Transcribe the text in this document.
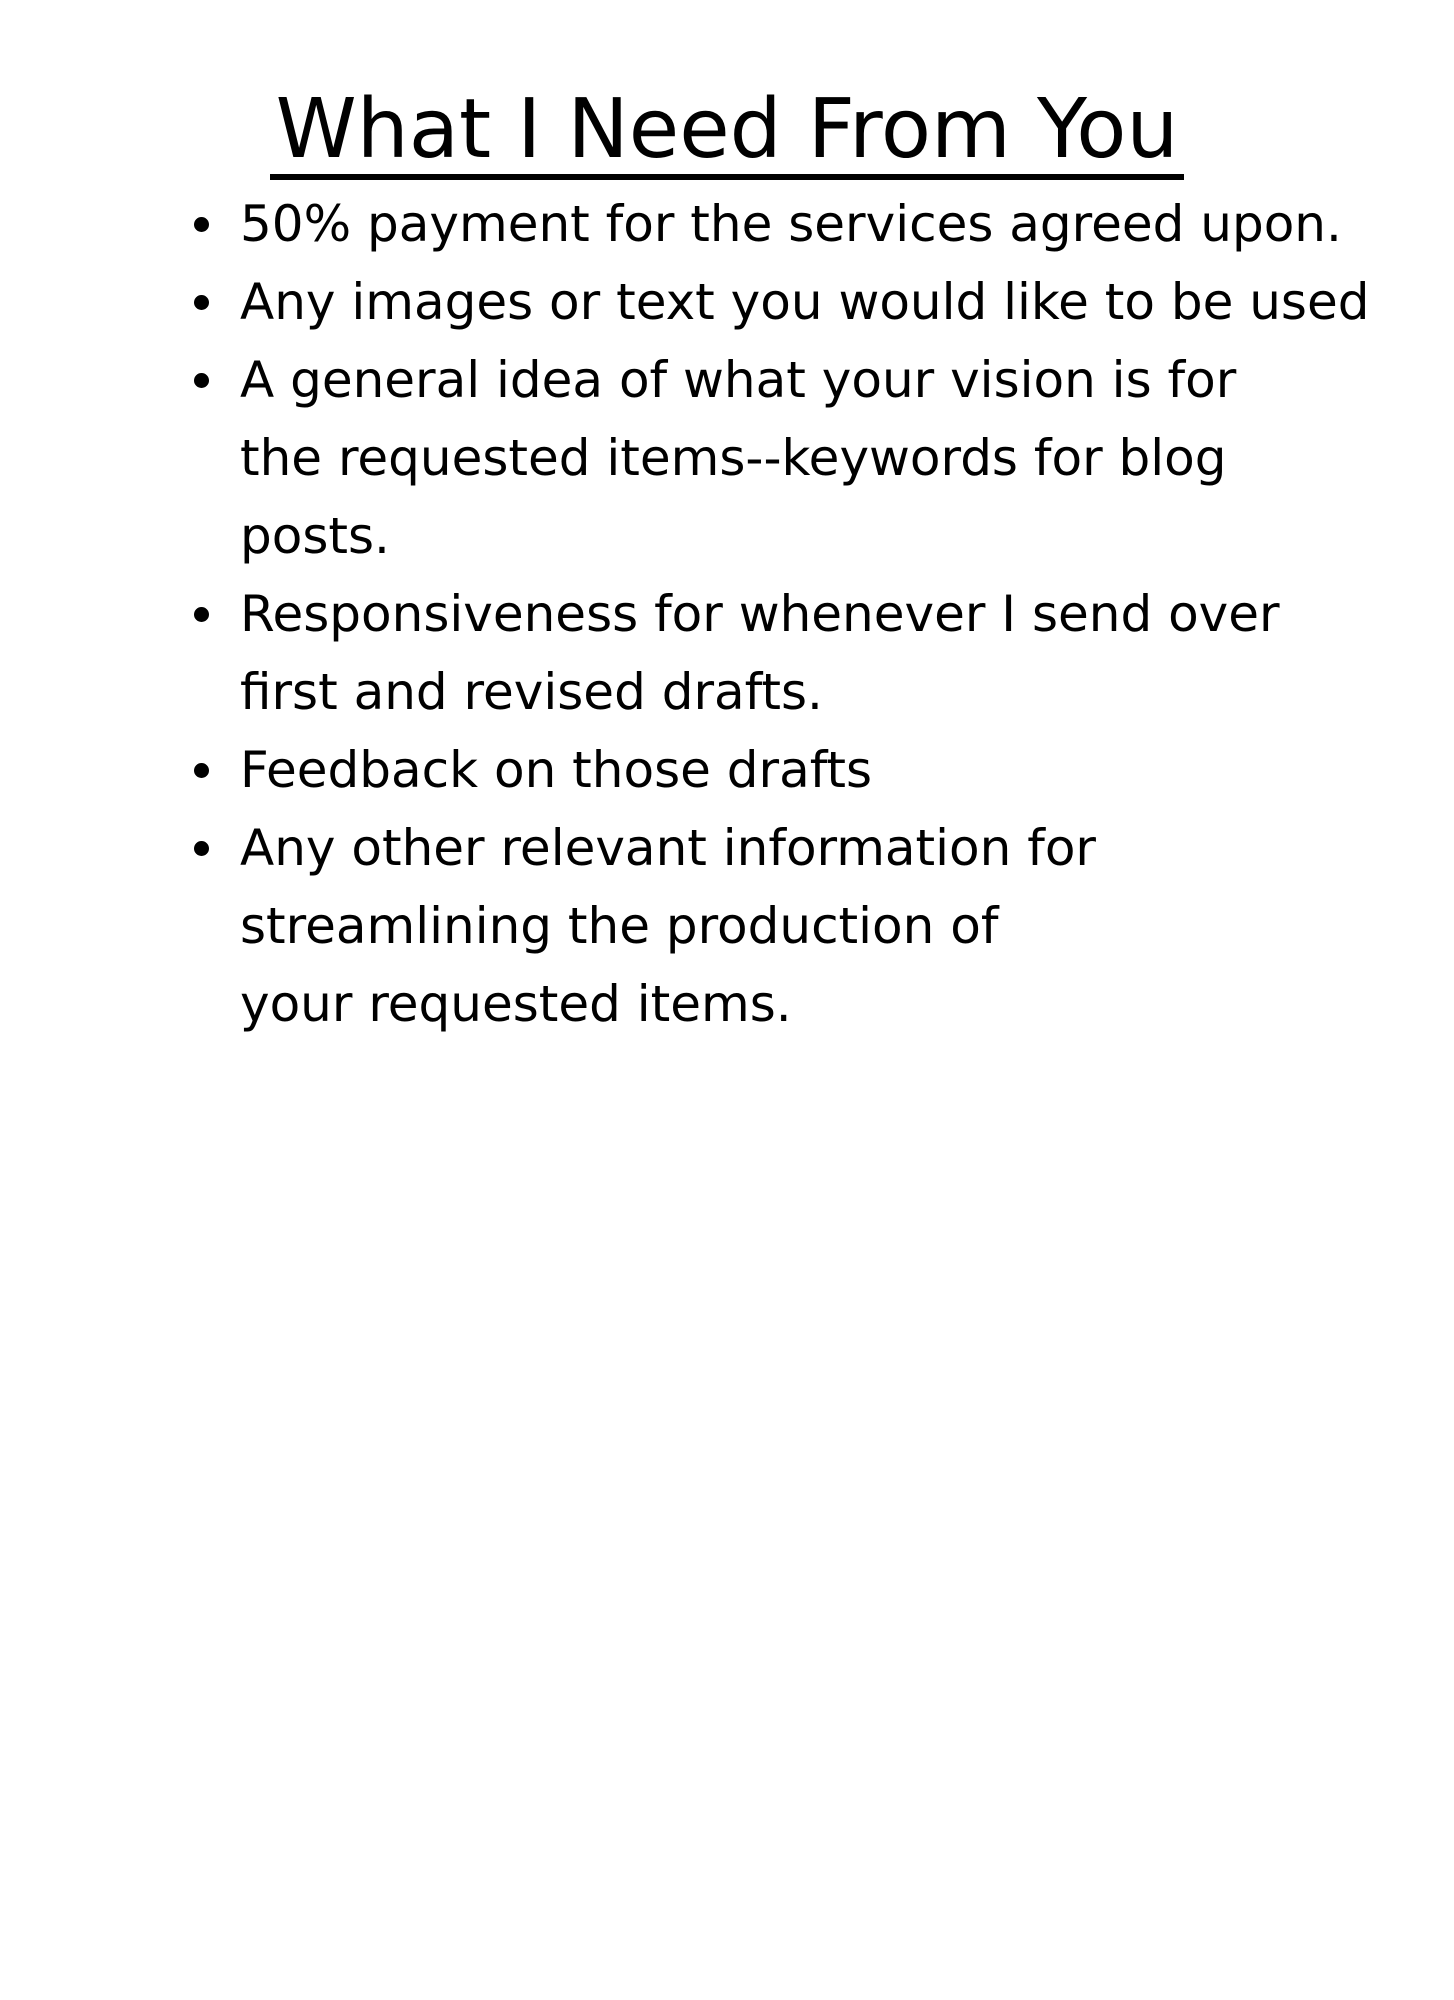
What I Need From You
50% payment for the services agreed upon.
Any images or text you would like to be used
A general idea of what your vision is for the requested items--keywords for blog posts.
Responsiveness for whenever I send over first and revised drafts.
Feedback on those drafts
Any other relevant information for streamlining the production of your requested items.
